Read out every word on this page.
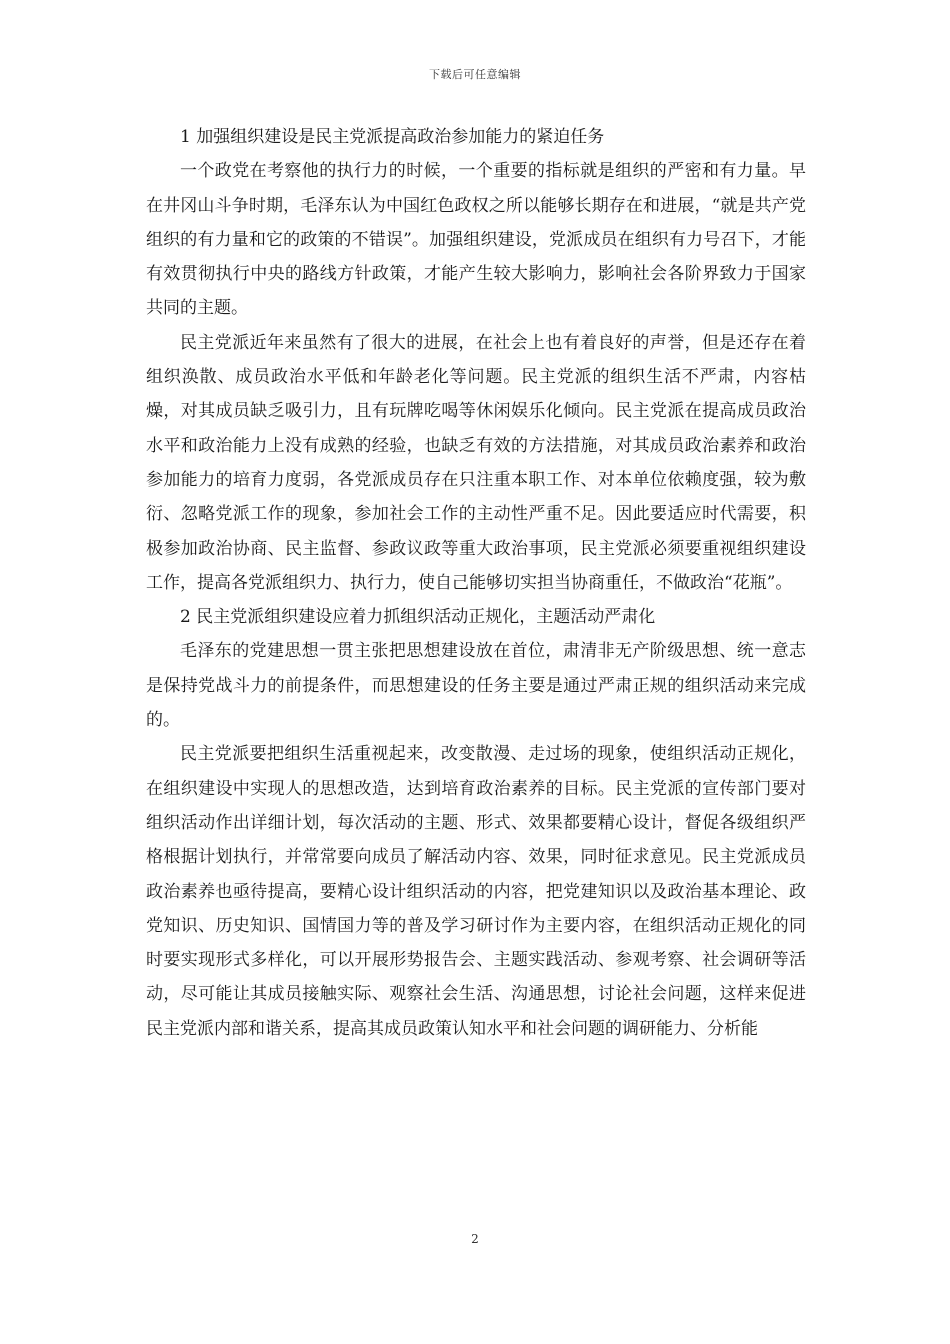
下载后可任意编辑

1 加强组织建设是民主党派提高政治参加能力的紧迫任务

一个政党在考察他的执行力的时候，一个重要的指标就是组织的严密和有力量。早在井冈山斗争时期，毛泽东认为中国红色政权之所以能够长期存在和进展，“就是共产党组织的有力量和它的政策的不错误”。加强组织建设，党派成员在组织有力号召下，才能有效贯彻执行中央的路线方针政策，才能产生较大影响力，影响社会各阶界致力于国家共同的主题。

民主党派近年来虽然有了很大的进展，在社会上也有着良好的声誉，但是还存在着组织涣散、成员政治水平低和年龄老化等问题。民主党派的组织生活不严肃，内容枯燥，对其成员缺乏吸引力，且有玩牌吃喝等休闲娱乐化倾向。民主党派在提高成员政治水平和政治能力上没有成熟的经验，也缺乏有效的方法措施，对其成员政治素养和政治参加能力的培育力度弱，各党派成员存在只注重本职工作、对本单位依赖度强，较为敷衍、忽略党派工作的现象，参加社会工作的主动性严重不足。因此要适应时代需要，积极参加政治协商、民主监督、参政议政等重大政治事项，民主党派必须要重视组织建设工作，提高各党派组织力、执行力，使自己能够切实担当协商重任，不做政治“花瓶”。

2 民主党派组织建设应着力抓组织活动正规化，主题活动严肃化

毛泽东的党建思想一贯主张把思想建设放在首位，肃清非无产阶级思想、统一意志是保持党战斗力的前提条件，而思想建设的任务主要是通过严肃正规的组织活动来完成的。

民主党派要把组织生活重视起来，改变散漫、走过场的现象，使组织活动正规化，在组织建设中实现人的思想改造，达到培育政治素养的目标。民主党派的宣传部门要对组织活动作出详细计划，每次活动的主题、形式、效果都要精心设计，督促各级组织严格根据计划执行，并常常要向成员了解活动内容、效果，同时征求意见。民主党派成员政治素养也亟待提高，要精心设计组织活动的内容，把党建知识以及政治基本理论、政党知识、历史知识、国情国力等的普及学习研讨作为主要内容，在组织活动正规化的同时要实现形式多样化，可以开展形势报告会、主题实践活动、参观考察、社会调研等活动，尽可能让其成员接触实际、观察社会生活、沟通思想，讨论社会问题，这样来促进民主党派内部和谐关系，提高其成员政策认知水平和社会问题的调研能力、分析能

2
